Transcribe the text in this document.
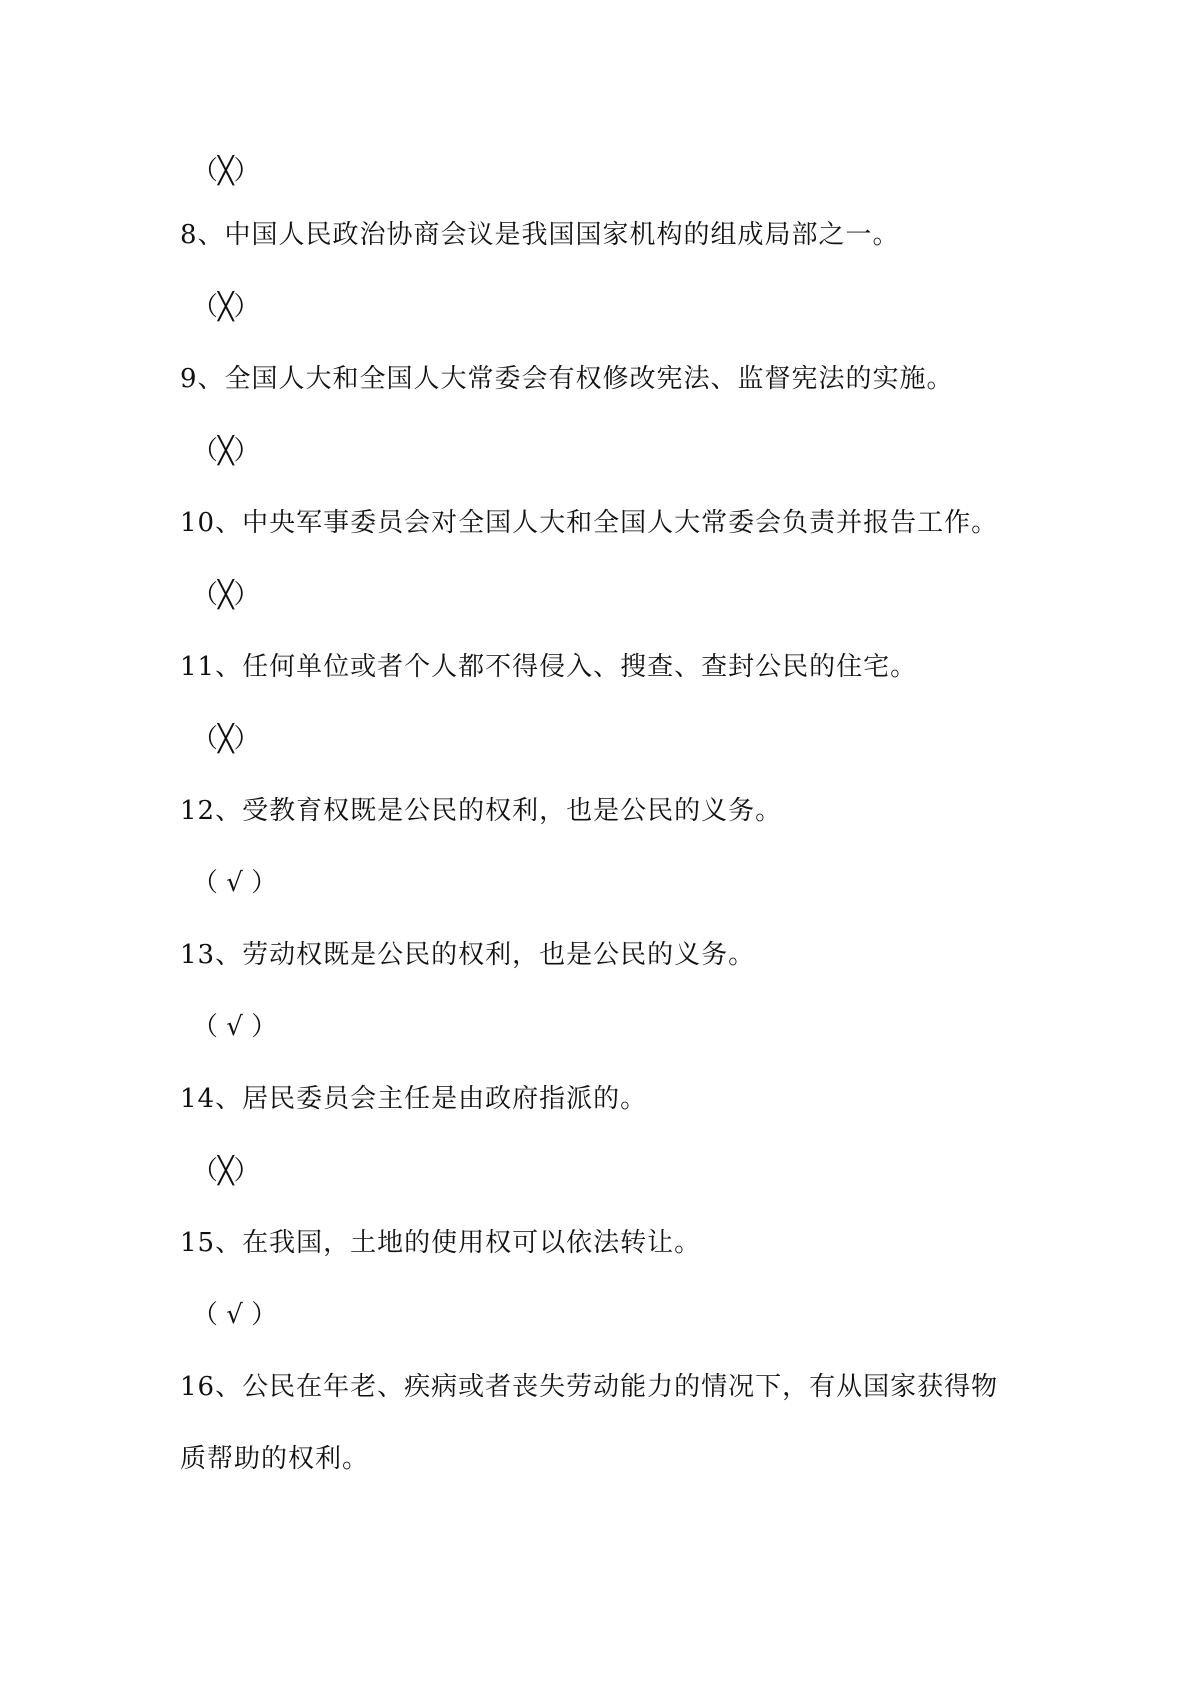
（╳）
8、中国人民政治协商会议是我国国家机构的组成局部之一。
（╳）
9、全国人大和全国人大常委会有权修改宪法、监督宪法的实施。
（╳）
10、中央军事委员会对全国人大和全国人大常委会负责并报告工作。
（╳）
11、任何单位或者个人都不得侵入、搜查、查封公民的住宅。
（╳）
12、受教育权既是公民的权利，也是公民的义务。
（ √ ）
13、劳动权既是公民的权利，也是公民的义务。
（ √ ）
14、居民委员会主任是由政府指派的。
（╳）
15、在我国，土地的使用权可以依法转让。
（ √ ）
16、公民在年老、疾病或者丧失劳动能力的情况下，有从国家获得物
质帮助的权利。
